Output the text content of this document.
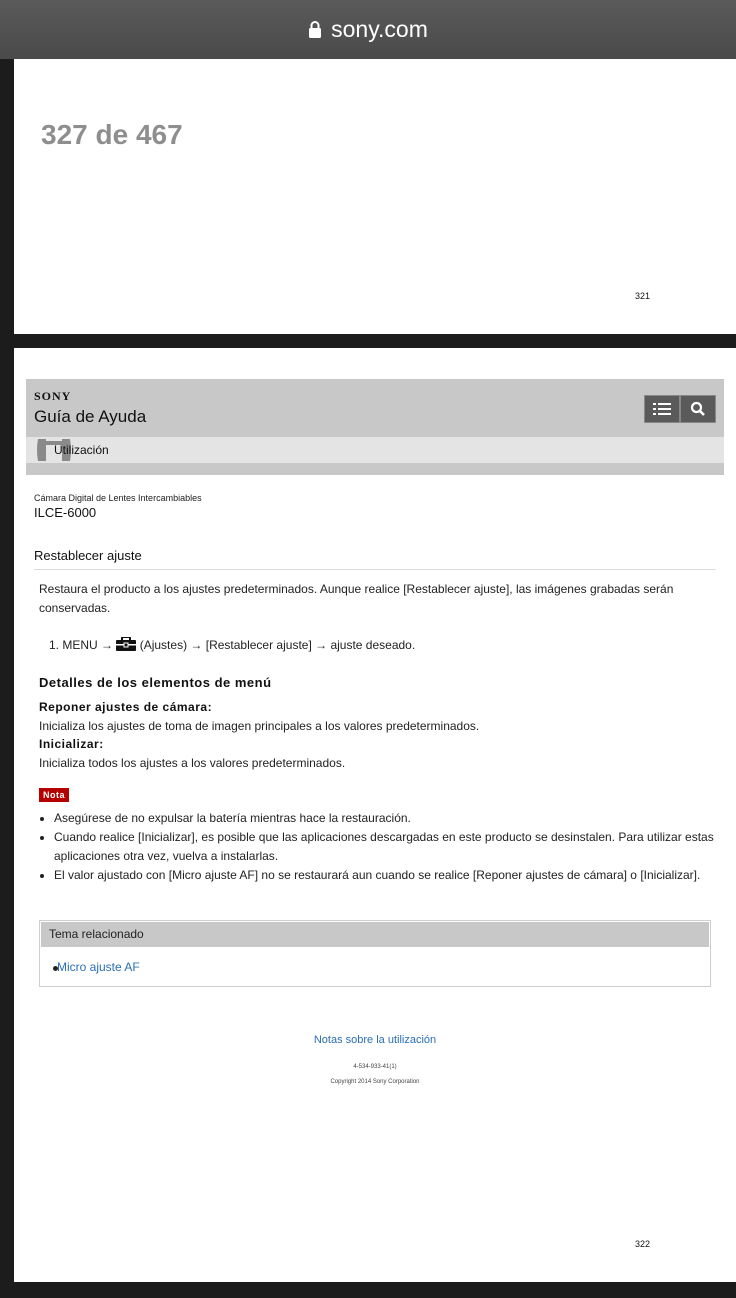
sony.com
327 de 467
321
SONY
Guía de Ayuda
Utilización
Cámara Digital de Lentes Intercambiables
ILCE-6000
Restablecer ajuste
Restaura el producto a los ajustes predeterminados. Aunque realice [Restablecer ajuste], las imágenes grabadas serán conservadas.
1. MENU → (Ajustes) → [Restablecer ajuste] → ajuste deseado.
Detalles de los elementos de menú
Reponer ajustes de cámara:
Inicializa los ajustes de toma de imagen principales a los valores predeterminados.
Inicializar:
Inicializa todos los ajustes a los valores predeterminados.
Nota
• Asegúrese de no expulsar la batería mientras hace la restauración.
• Cuando realice [Inicializar], es posible que las aplicaciones descargadas en este producto se desinstalen. Para utilizar estas aplicaciones otra vez, vuelva a instalarlas.
• El valor ajustado con [Micro ajuste AF] no se restaurará aun cuando se realice [Reponer ajustes de cámara] o [Inicializar].
Tema relacionado
Micro ajuste AF
Notas sobre la utilización
4-534-933-41(1)
Copyright 2014 Sony Corporation
322
